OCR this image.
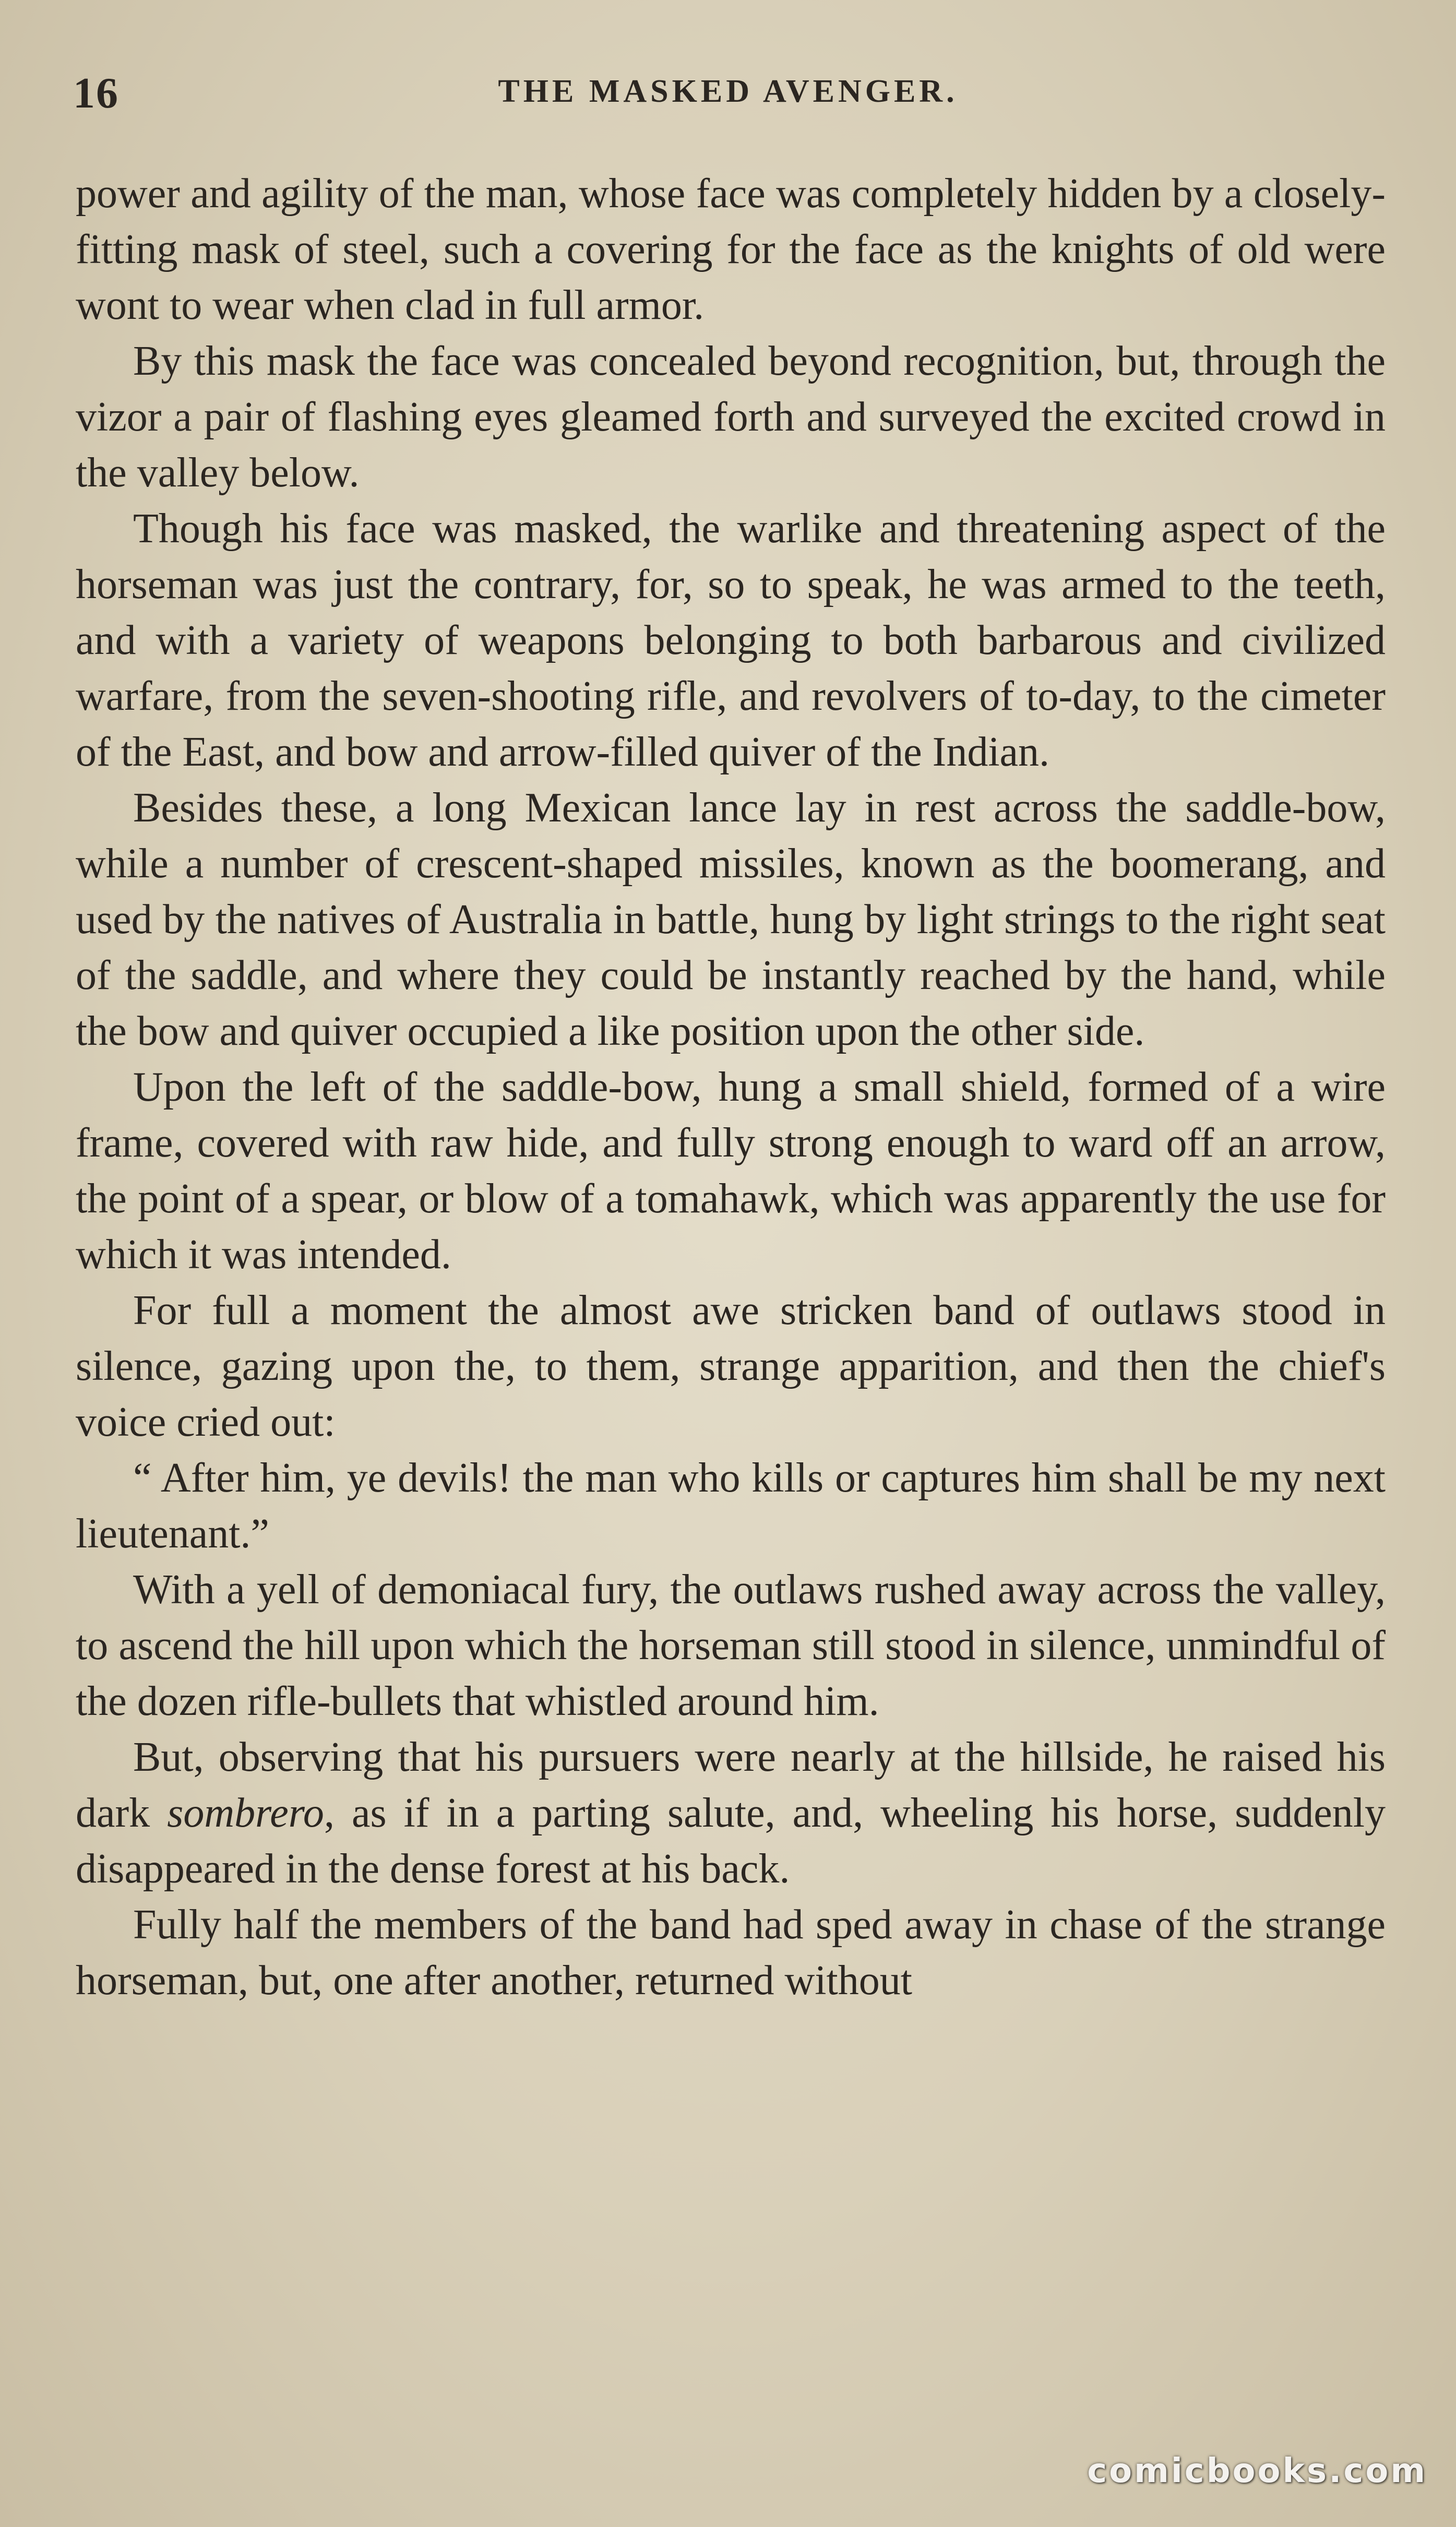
16	THE MASKED AVENGER.

power and agility of the man, whose face was completely hidden by a closely-fitting mask of steel, such a covering for the face as the knights of old were wont to wear when clad in full armor.

By this mask the face was concealed beyond recognition, but, through the vizor a pair of flashing eyes gleamed forth and surveyed the excited crowd in the valley below.

Though his face was masked, the warlike and threatening aspect of the horseman was just the contrary, for, so to speak, he was armed to the teeth, and with a variety of weapons belonging to both barbarous and civilized warfare, from the seven-shooting rifle, and revolvers of to-day, to the cimeter of the East, and bow and arrow-filled quiver of the Indian.

Besides these, a long Mexican lance lay in rest across the saddle-bow, while a number of crescent-shaped missiles, known as the boomerang, and used by the natives of Australia in battle, hung by light strings to the right seat of the saddle, and where they could be instantly reached by the hand, while the bow and quiver occupied a like position upon the other side.

Upon the left of the saddle-bow, hung a small shield, formed of a wire frame, covered with raw hide, and fully strong enough to ward off an arrow, the point of a spear, or blow of a tomahawk, which was apparently the use for which it was intended.

For full a moment the almost awe stricken band of outlaws stood in silence, gazing upon the, to them, strange apparition, and then the chief's voice cried out:

“ After him, ye devils! the man who kills or captures him shall be my next lieutenant.”

With a yell of demoniacal fury, the outlaws rushed away across the valley, to ascend the hill upon which the horseman still stood in silence, unmindful of the dozen rifle-bullets that whistled around him.

But, observing that his pursuers were nearly at the hillside, he raised his dark sombrero, as if in a parting salute, and, wheeling his horse, suddenly disappeared in the dense forest at his back.

Fully half the members of the band had sped away in chase of the strange horseman, but, one after another, returned without

comicbooks.com
